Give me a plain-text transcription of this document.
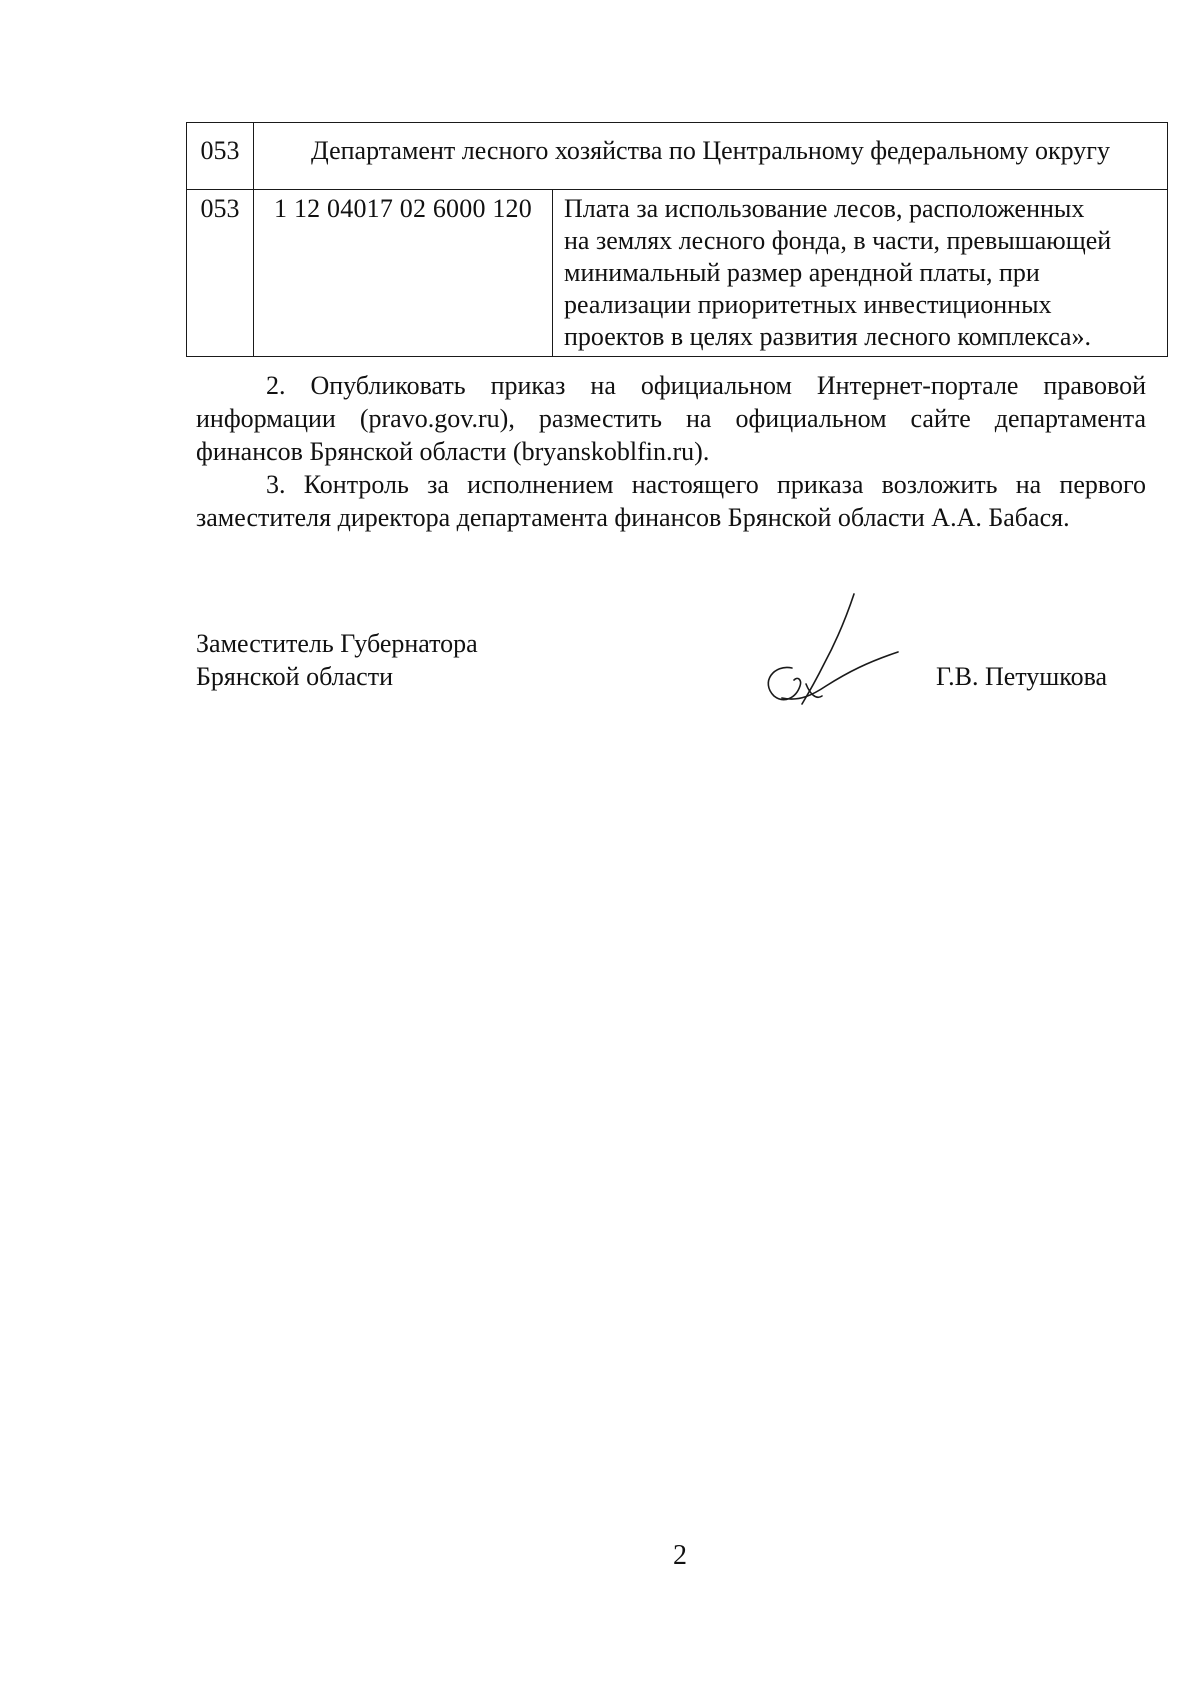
053	Департамент лесного хозяйства по Центральному федеральному округу	
053	1 12 04017 02 6000 120	Плата за использование лесов, расположенных
на землях лесного фонда, в части, превышающей
минимальный размер арендной платы, при
реализации приоритетных инвестиционных
проектов в целях развития лесного комплекса».
2. Опубликовать приказ на официальном Интернет-портале правовой
информации (pravo.gov.ru), разместить на официальном сайте департамента
финансов Брянской области (bryanskoblfin.ru).
3. Контроль за исполнением настоящего приказа возложить на первого
заместителя директора департамента финансов Брянской области А.А. Бабася.
Заместитель Губернатора
Брянской области	Г.В. Петушкова
2
